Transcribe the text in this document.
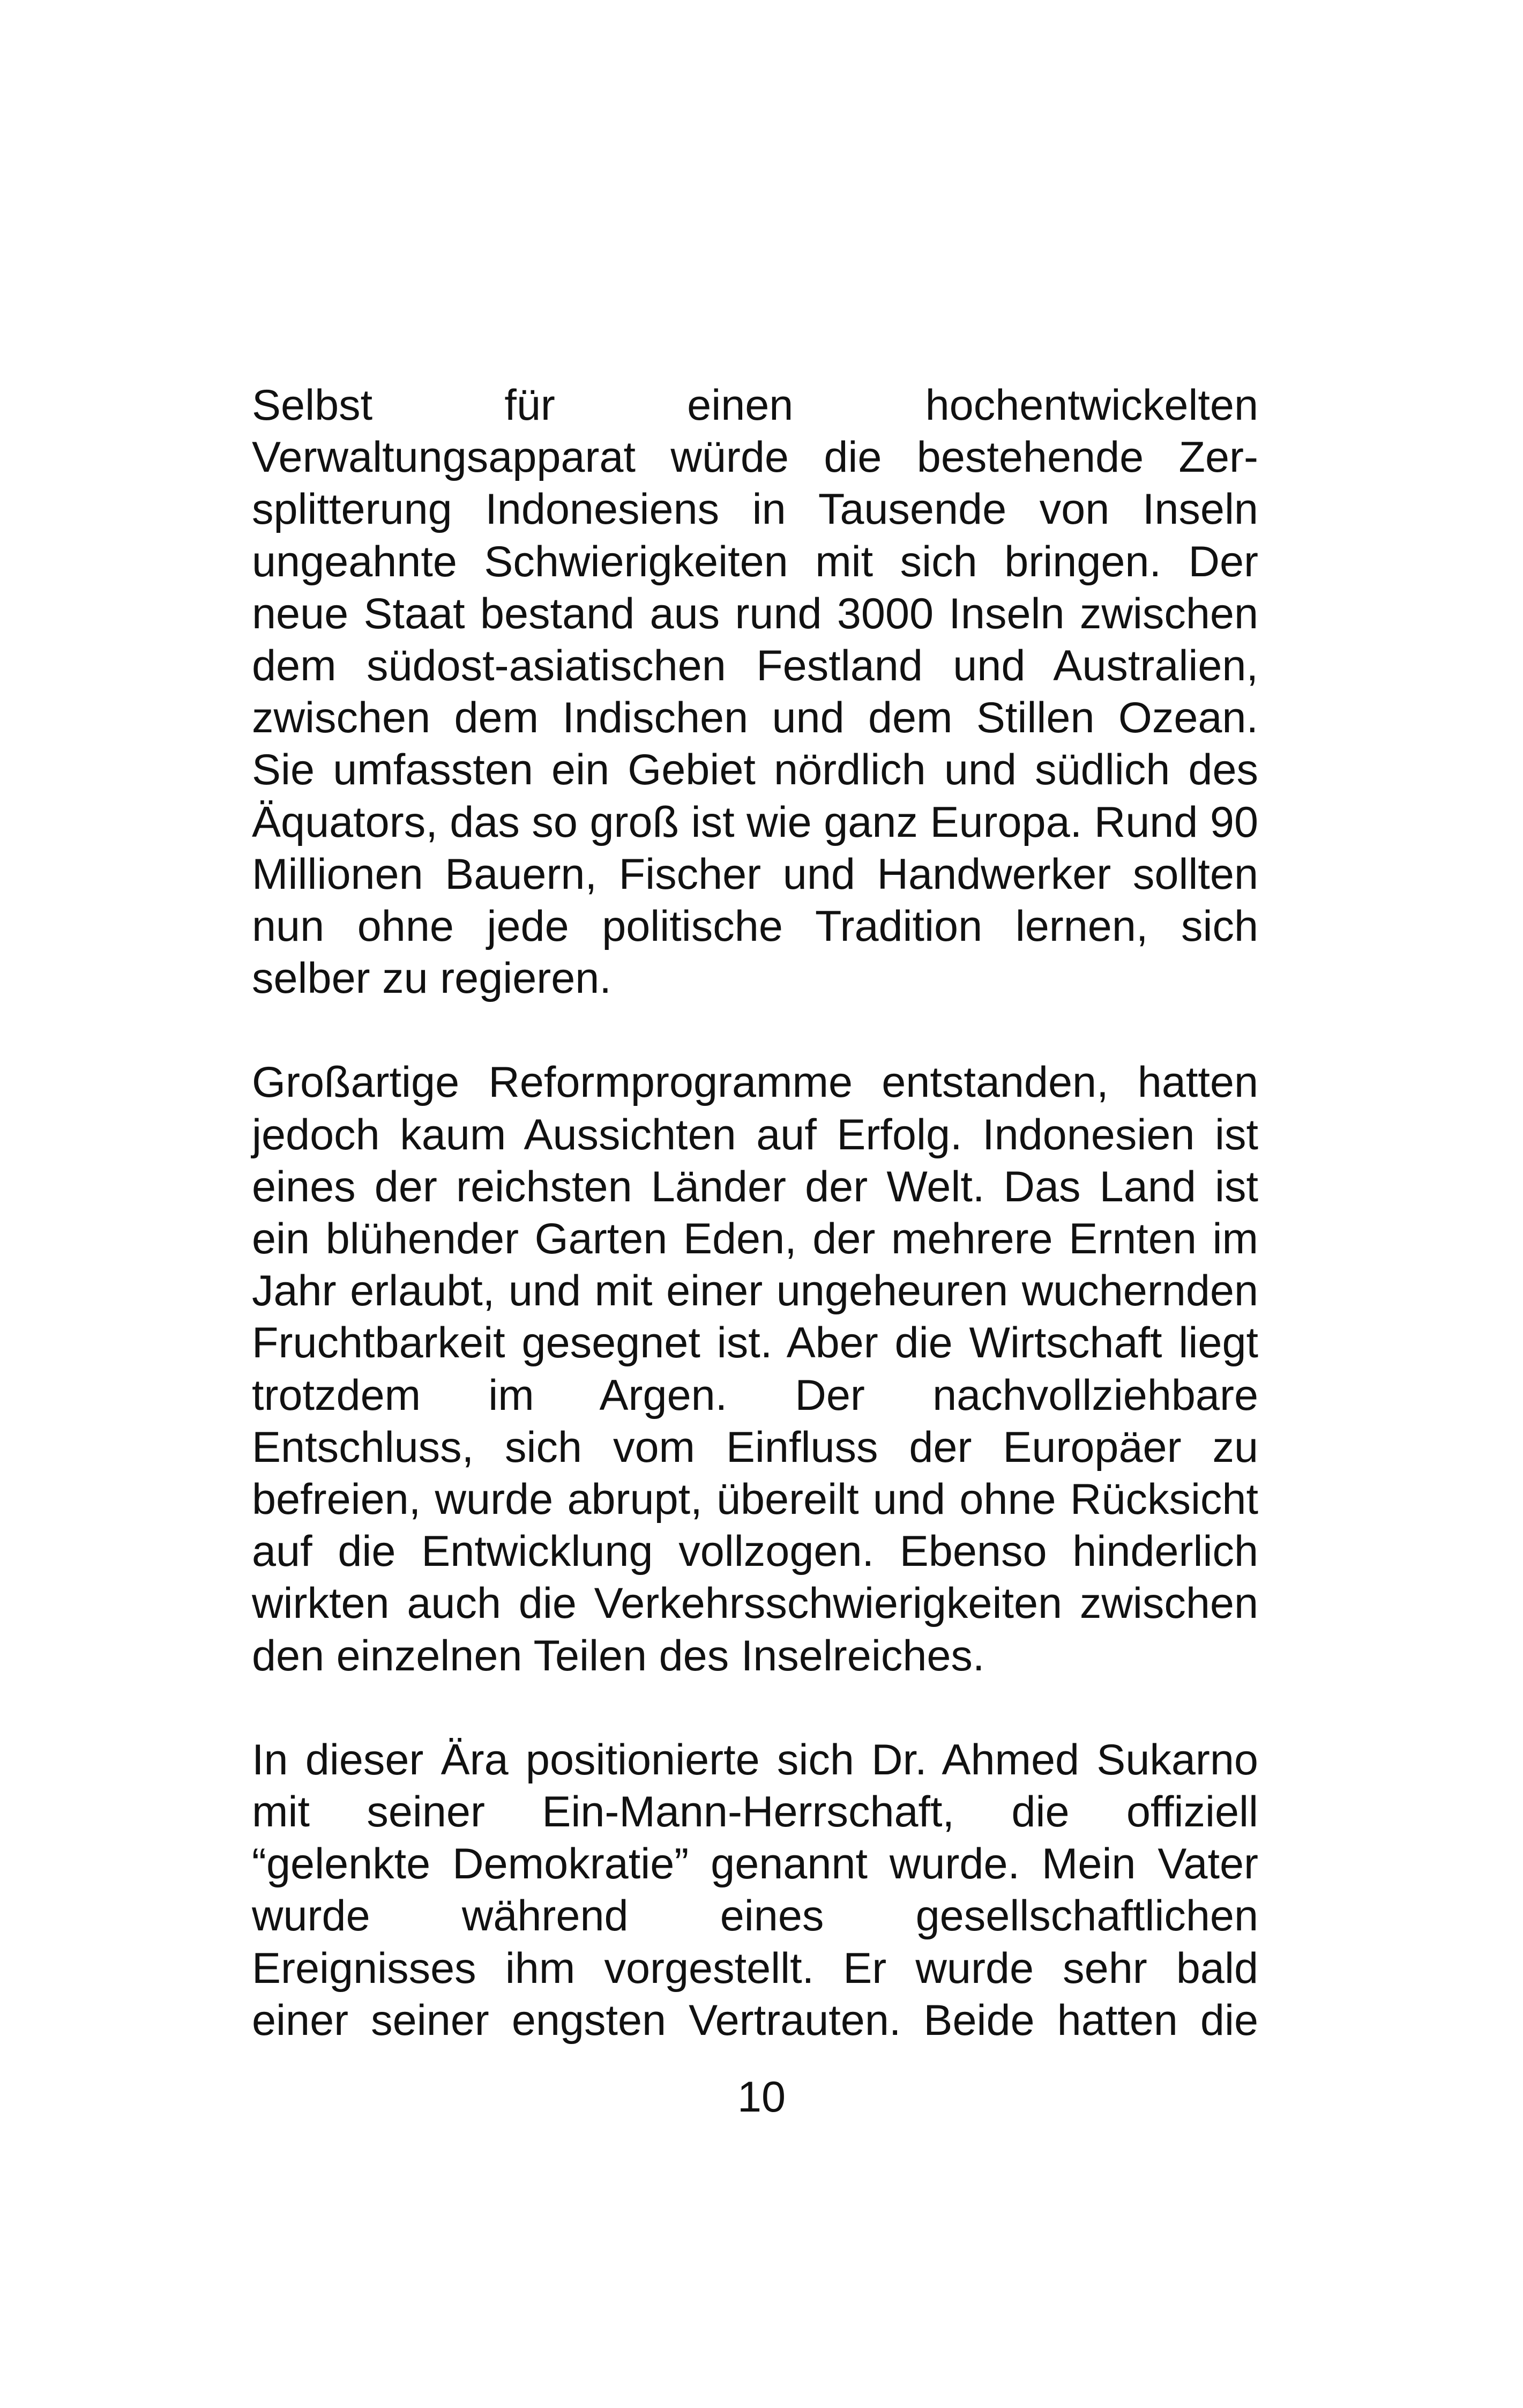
Selbst für einen hochentwickelten
Verwaltungsapparat würde die bestehende Zer-
splitterung Indonesiens in Tausende von Inseln
ungeahnte Schwierigkeiten mit sich bringen. Der
neue Staat bestand aus rund 3000 Inseln zwischen
dem südost-asiatischen Festland und Australien,
zwischen dem Indischen und dem Stillen Ozean.
Sie umfassten ein Gebiet nördlich und südlich des
Äquators, das so groß ist wie ganz Europa. Rund 90
Millionen Bauern, Fischer und Handwerker sollten
nun ohne jede politische Tradition lernen, sich
selber zu regieren.

Großartige Reformprogramme entstanden, hatten
jedoch kaum Aussichten auf Erfolg. Indonesien ist
eines der reichsten Länder der Welt. Das Land ist
ein blühender Garten Eden, der mehrere Ernten im
Jahr erlaubt, und mit einer ungeheuren wuchernden
Fruchtbarkeit gesegnet ist. Aber die Wirtschaft liegt
trotzdem im Argen. Der nachvollziehbare
Entschluss, sich vom Einfluss der Europäer zu
befreien, wurde abrupt, übereilt und ohne Rücksicht
auf die Entwicklung vollzogen. Ebenso hinderlich
wirkten auch die Verkehrsschwierigkeiten zwischen
den einzelnen Teilen des Inselreiches.

In dieser Ära positionierte sich Dr. Ahmed Sukarno
mit seiner Ein-Mann-Herrschaft, die offiziell
“gelenkte Demokratie” genannt wurde. Mein Vater
wurde während eines gesellschaftlichen
Ereignisses ihm vorgestellt. Er wurde sehr bald
einer seiner engsten Vertrauten. Beide hatten die

10
